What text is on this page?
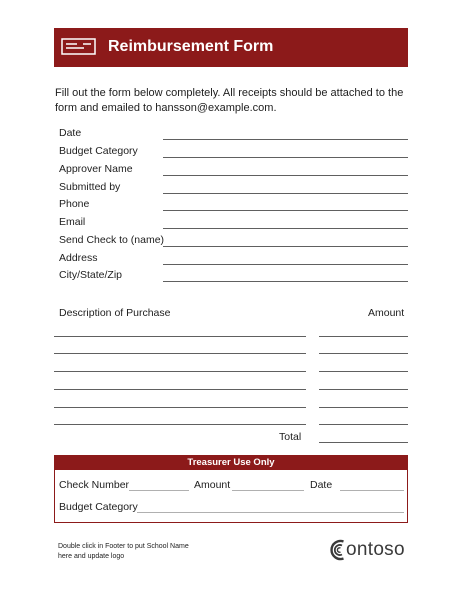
Reimbursement Form
Fill out the form below completely. All receipts should be attached to the form and emailed to hansson@example.com.
Date
Budget Category
Approver Name
Submitted by
Phone
Email
Send Check to (name)
Address
City/State/Zip
Description of Purchase	Amount
Total
Treasurer Use Only
Check Number	Amount	Date
Budget Category
Double click in Footer to put School Name here and update logo	ontoso
